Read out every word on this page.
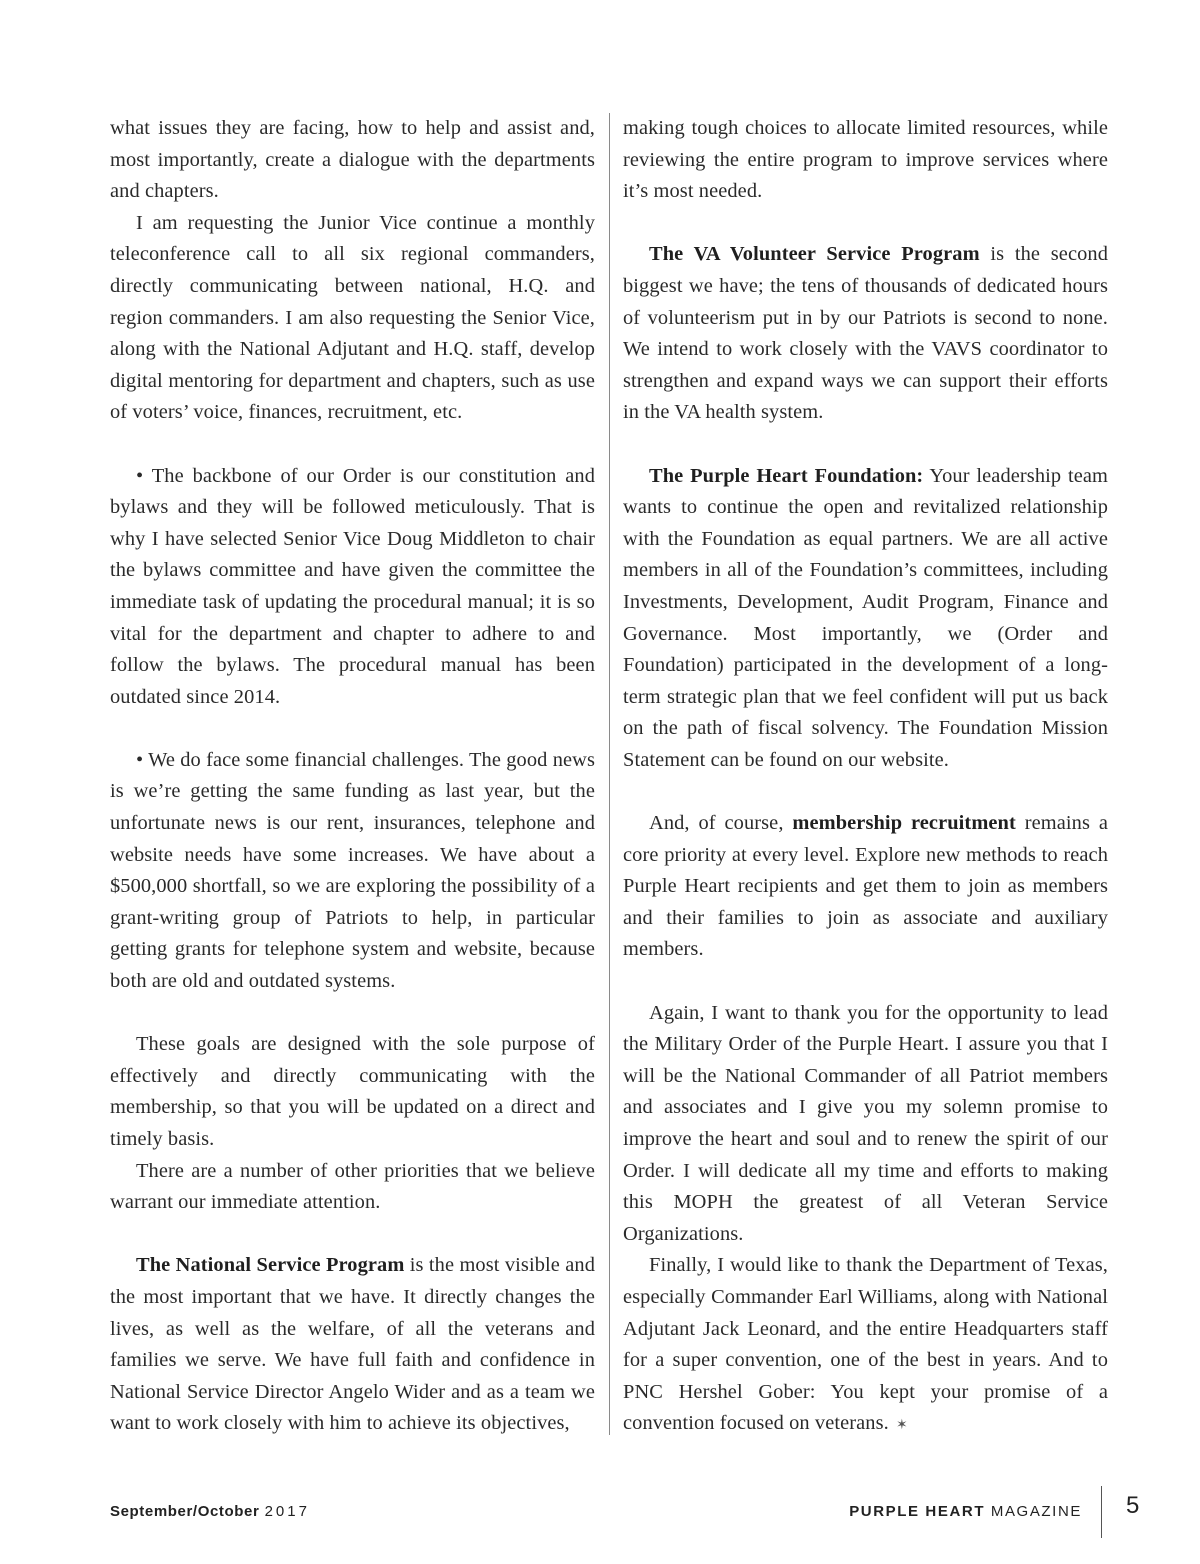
what issues they are facing, how to help and assist and, most importantly, create a dialogue with the departments and chapters.

I am requesting the Junior Vice continue a monthly teleconference call to all six regional commanders, directly communicating between national, H.Q. and region commanders. I am also requesting the Senior Vice, along with the National Adjutant and H.Q. staff, develop digital mentoring for department and chapters, such as use of voters’ voice, finances, recruitment, etc.

• The backbone of our Order is our constitution and bylaws and they will be followed meticulously. That is why I have selected Senior Vice Doug Middleton to chair the bylaws committee and have given the committee the immediate task of updating the procedural manual; it is so vital for the department and chapter to adhere to and follow the bylaws. The procedural manual has been outdated since 2014.

• We do face some financial challenges. The good news is we’re getting the same funding as last year, but the unfortunate news is our rent, insurances, telephone and website needs have some increases. We have about a $500,000 shortfall, so we are exploring the possibility of a grant-writing group of Patriots to help, in particular getting grants for telephone system and website, because both are old and outdated systems.

These goals are designed with the sole purpose of effectively and directly communicating with the membership, so that you will be updated on a direct and timely basis.

There are a number of other priorities that we believe warrant our immediate attention.

The National Service Program is the most visible and the most important that we have. It directly changes the lives, as well as the welfare, of all the veterans and families we serve. We have full faith and confidence in National Service Director Angelo Wider and as a team we want to work closely with him to achieve its objectives,

making tough choices to allocate limited resources, while reviewing the entire program to improve services where it’s most needed.

The VA Volunteer Service Program is the second biggest we have; the tens of thousands of dedicated hours of volunteerism put in by our Patriots is second to none. We intend to work closely with the VAVS coordinator to strengthen and expand ways we can support their efforts in the VA health system.

The Purple Heart Foundation: Your leadership team wants to continue the open and revitalized relationship with the Foundation as equal partners. We are all active members in all of the Foundation’s committees, including Investments, Development, Audit Program, Finance and Governance. Most importantly, we (Order and Foundation) participated in the development of a long-term strategic plan that we feel confident will put us back on the path of fiscal solvency. The Foundation Mission Statement can be found on our website.

And, of course, membership recruitment remains a core priority at every level. Explore new methods to reach Purple Heart recipients and get them to join as members and their families to join as associate and auxiliary members.

Again, I want to thank you for the opportunity to lead the Military Order of the Purple Heart. I assure you that I will be the National Commander of all Patriot members and associates and I give you my solemn promise to improve the heart and soul and to renew the spirit of our Order. I will dedicate all my time and efforts to making this MOPH the greatest of all Veteran Service Organizations.

Finally, I would like to thank the Department of Texas, especially Commander Earl Williams, along with National Adjutant Jack Leonard, and the entire Headquarters staff for a super convention, one of the best in years. And to PNC Hershel Gober: You kept your promise of a convention focused on veterans. ✶

September/October 2017	PURPLE HEART MAGAZINE 5
